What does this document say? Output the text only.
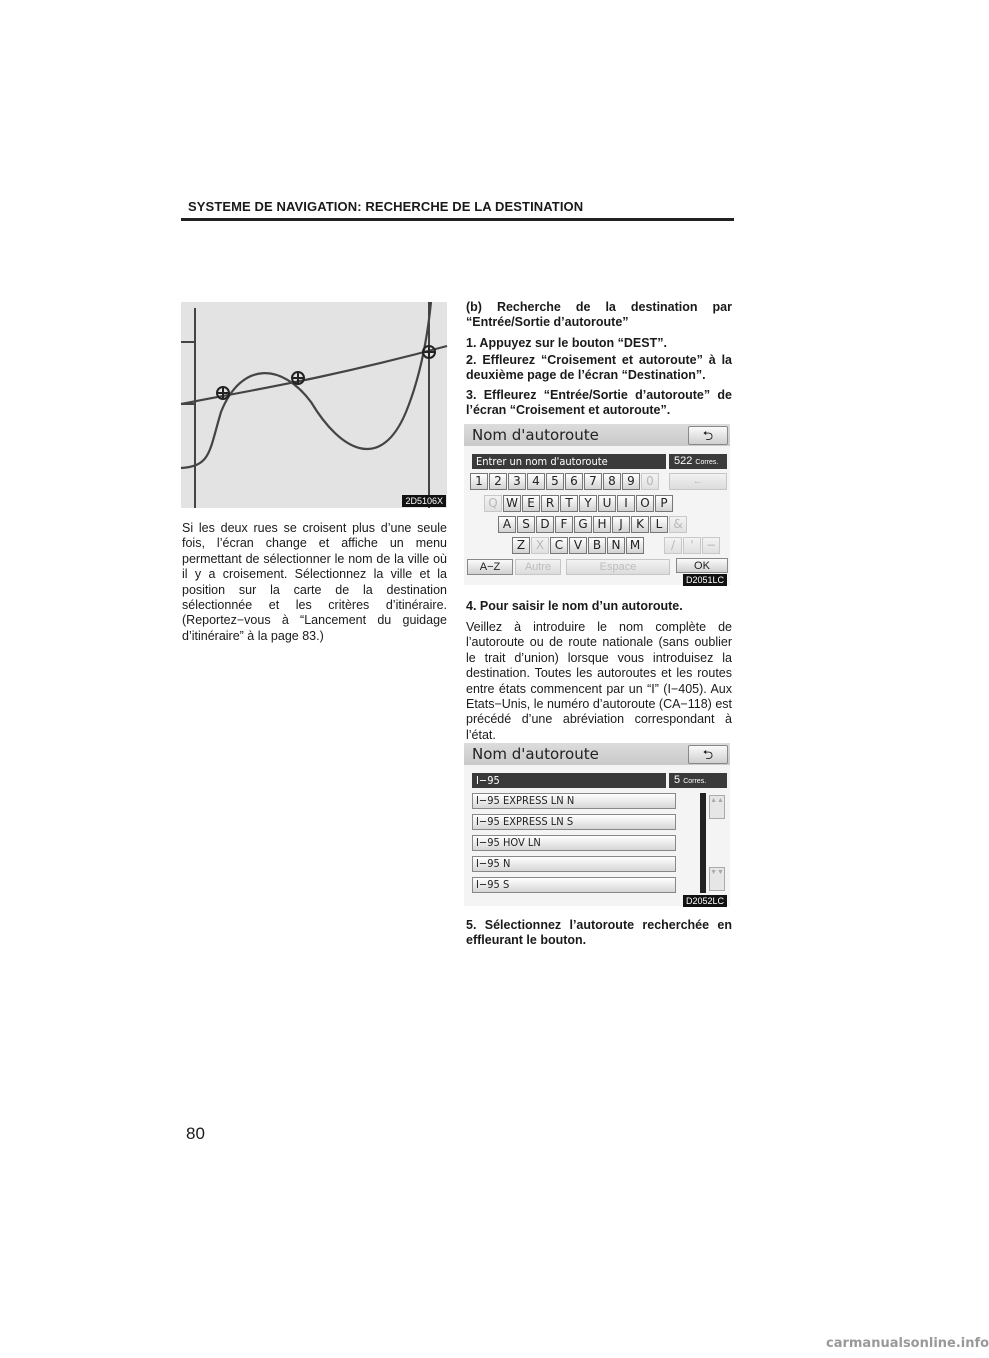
SYSTEME DE NAVIGATION: RECHERCHE DE LA DESTINATION
2D5106X
Si les deux rues se croisent plus d’une seule fois, l’écran change et affiche un menu permettant de sélectionner le nom de la ville où il y a croisement. Sélectionnez la ville et la position sur la carte de la destination sélectionnée et les critères d’itinéraire. (Reportez−vous à “Lancement du guidage d’itinéraire” à la page 83.)
(b) Recherche de la destination par “Entrée/Sortie d’autoroute”
1. Appuyez sur le bouton “DEST”.
2. Effleurez “Croisement et autoroute” à la deuxième page de l’écran “Destination”.
3. Effleurez “Entrée/Sortie d’autoroute” de l’écran “Croisement et autoroute”.
Nom d'autoroute	⮌
Entrer un nom d'autoroute	522 Corres.
1 2 3 4 5 6 7 8 9 0	←
Q W E R T Y U	I	O P
A S D F G H	J	K L &
Z X C V B N M	/	'	−
A−Z	Autre	Espace	OK
D2051LC
4. Pour saisir le nom d’un autoroute.
Veillez à introduire le nom complète de l’autoroute ou de route nationale (sans oublier le trait d’union) lorsque vous introduisez la destination. Toutes les autoroutes et les routes entre états commencent par un “I” (I−405). Aux Etats−Unis, le numéro d’autoroute (CA−118) est précédé d’une abréviation correspondant à l’état.
Nom d'autoroute	⮌
I−95	5 Corres.
I−95 EXPRESS LN N
I−95 EXPRESS LN S
I−95 HOV LN
I−95 N
I−95 S
▲▲
▼▼
D2052LC
5. Sélectionnez l’autoroute recherchée en effleurant le bouton.
80
carmanualsonline.info
